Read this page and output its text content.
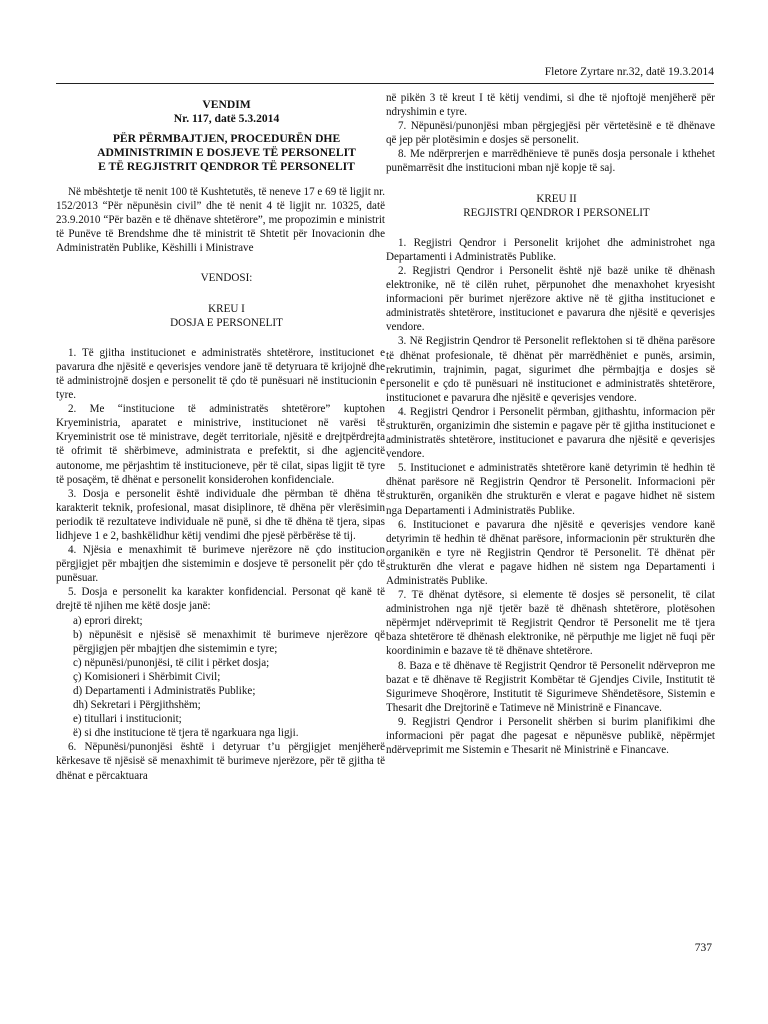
Fletore Zyrtare nr.32, datë 19.3.2014

VENDIM

Nr. 117, datë 5.3.2014

PËR PËRMBAJTJEN, PROCEDURËN DHE

ADMINISTRIMIN E DOSJEVE TË PERSONELIT

E TË REGJISTRIT QENDROR TË PERSONELIT

Në mbështetje të nenit 100 të Kushtetutës, të neneve 17 e 69 të ligjit nr. 152/2013 “Për nëpunësin civil” dhe të nenit 4 të ligjit nr. 10325, datë 23.9.2010 “Për bazën e të dhënave shtetërore”, me propozimin e ministrit të Punëve të Brendshme dhe të ministrit të Shtetit për Inovacionin dhe Administratën Publike, Këshilli i Ministrave

VENDOSI:

KREU I

DOSJA E PERSONELIT

1. Të gjitha institucionet e administratës shtetërore, institucionet e pavarura dhe njësitë e qeverisjes vendore janë të detyruara të krijojnë dhe të administrojnë dosjen e personelit të çdo të punësuari në institucionin e tyre.

2. Me “institucione të administratës shtetërore” kuptohen Kryeministria, aparatet e ministrive, institucionet në varësi të Kryeministrit ose të ministrave, degët territoriale, njësitë e drejtpërdrejta të ofrimit të shërbimeve, administrata e prefektit, si dhe agjencitë autonome, me përjashtim të institucioneve, për të cilat, sipas ligjit të tyre të posaçëm, të dhënat e personelit konsiderohen konfidenciale.

3. Dosja e personelit është individuale dhe përmban të dhëna të karakterit teknik, profesional, masat disiplinore, të dhëna për vlerësimin periodik të rezultateve individuale në punë, si dhe të dhëna të tjera, sipas lidhjeve 1 e 2, bashkëlidhur këtij vendimi dhe pjesë përbërëse të tij.

4. Njësia e menaxhimit të burimeve njerëzore në çdo institucion përgjigjet për mbajtjen dhe sistemimin e dosjeve të personelit për çdo të punësuar.

5. Dosja e personelit ka karakter konfidencial. Personat që kanë të drejtë të njihen me këtë dosje janë:

a) eprori direkt;

b) nëpunësit e njësisë së menaxhimit të burimeve njerëzore që përgjigjen për mbajtjen dhe sistemimin e tyre;

c) nëpunësi/punonjësi, të cilit i përket dosja;

ç) Komisioneri i Shërbimit Civil;

d) Departamenti i Administratës Publike;

dh) Sekretari i Përgjithshëm;

e) titullari i institucionit;

ë) si dhe institucione të tjera të ngarkuara nga ligji.

6. Nëpunësi/punonjësi është i detyruar t’u përgjigjet menjëherë kërkesave të njësisë së menaxhimit të burimeve njerëzore, për të gjitha të dhënat e përcaktuara

në pikën 3 të kreut I të këtij vendimi, si dhe të njoftojë menjëherë për ndryshimin e tyre.

7. Nëpunësi/punonjësi mban përgjegjësi për vërtetësinë e të dhënave që jep për plotësimin e dosjes së personelit.

8. Me ndërprerjen e marrëdhënieve të punës dosja personale i kthehet punëmarrësit dhe institucioni mban një kopje të saj.

KREU II

REGJISTRI QENDROR I PERSONELIT

1. Regjistri Qendror i Personelit krijohet dhe administrohet nga Departamenti i Administratës Publike.

2. Regjistri Qendror i Personelit është një bazë unike të dhënash elektronike, në të cilën ruhet, përpunohet dhe menaxhohet kryesisht informacioni për burimet njerëzore aktive në të gjitha institucionet e administratës shtetërore, institucionet e pavarura dhe njësitë e qeverisjes vendore.

3. Në Regjistrin Qendror të Personelit reflektohen si të dhëna parësore të dhënat profesionale, të dhënat për marrëdhëniet e punës, arsimin, rekrutimin, trajnimin, pagat, sigurimet dhe përmbajtja e dosjes së personelit e çdo të punësuari në institucionet e administratës shtetërore, institucionet e pavarura dhe njësitë e qeverisjes vendore.

4. Regjistri Qendror i Personelit përmban, gjithashtu, informacion për strukturën, organizimin dhe sistemin e pagave për të gjitha institucionet e administratës shtetërore, institucionet e pavarura dhe njësitë e qeverisjes vendore.

5. Institucionet e administratës shtetërore kanë detyrimin të hedhin të dhënat parësore në Regjistrin Qendror të Personelit. Informacioni për strukturën, organikën dhe strukturën e vlerat e pagave hidhet në sistem nga Departamenti i Administratës Publike.

6. Institucionet e pavarura dhe njësitë e qeverisjes vendore kanë detyrimin të hedhin të dhënat parësore, informacionin për strukturën dhe organikën e tyre në Regjistrin Qendror të Personelit. Të dhënat për strukturën dhe vlerat e pagave hidhen në sistem nga Departamenti i Administratës Publike.

7. Të dhënat dytësore, si elemente të dosjes së personelit, të cilat administrohen nga një tjetër bazë të dhënash shtetërore, plotësohen nëpërmjet ndërveprimit të Regjistrit Qendror të Personelit me të tjera baza shtetërore të dhënash elektronike, në përputhje me ligjet në fuqi për koordinimin e bazave të të dhënave shtetërore.

8. Baza e të dhënave të Regjistrit Qendror të Personelit ndërvepron me bazat e të dhënave të Regjistrit Kombëtar të Gjendjes Civile, Institutit të Sigurimeve Shoqërore, Institutit të Sigurimeve Shëndetësore, Sistemin e Thesarit dhe Drejtorinë e Tatimeve në Ministrinë e Financave.

9. Regjistri Qendror i Personelit shërben si burim planifikimi dhe informacioni për pagat dhe pagesat e nëpunësve publikë, nëpërmjet ndërveprimit me Sistemin e Thesarit në Ministrinë e Financave.

737
